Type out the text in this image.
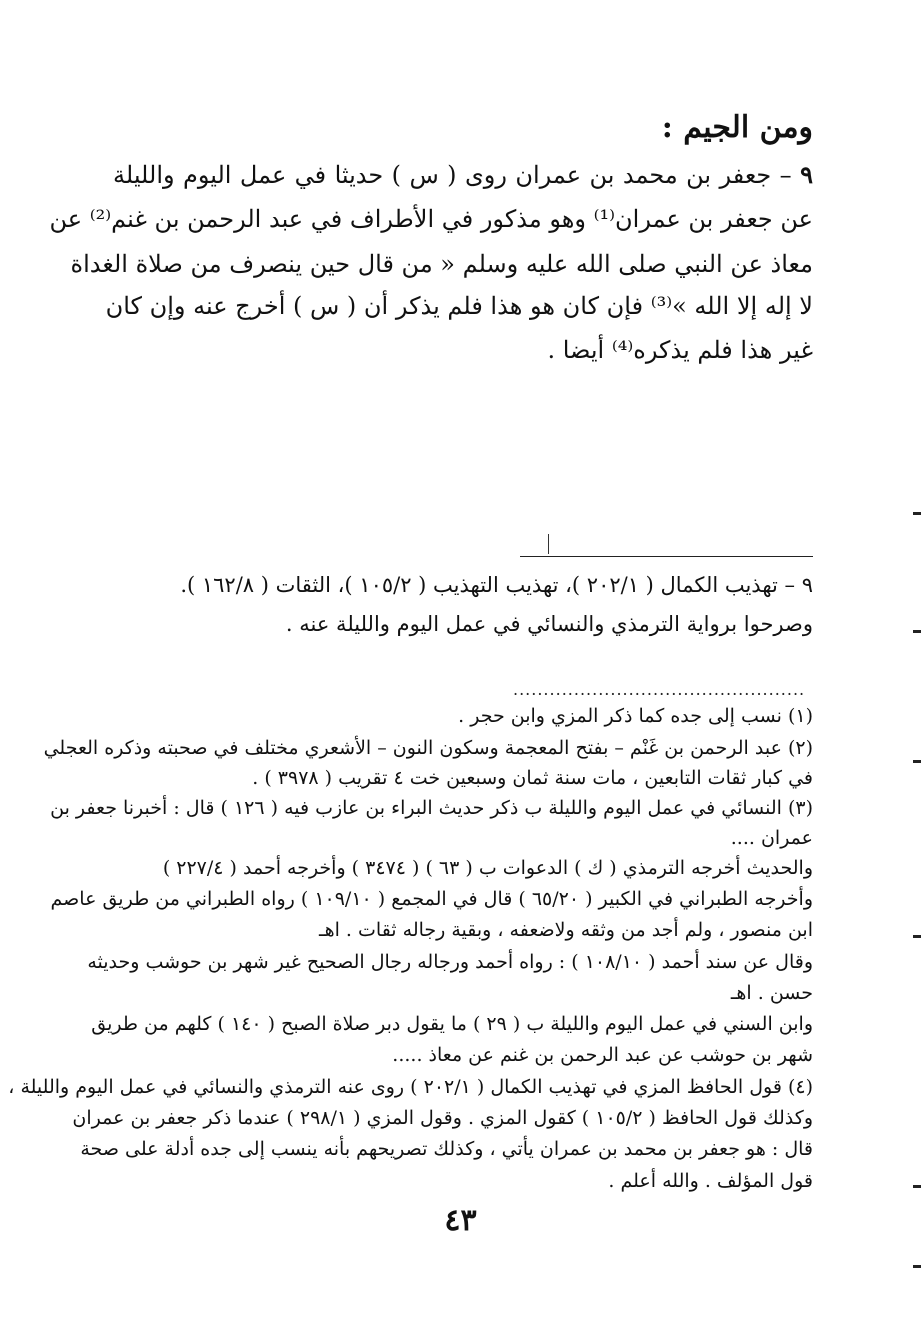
ومن الجيم :
٩ – جعفر بن محمد بن عمران روى ( س ) حديثا في عمل اليوم والليلة
عن جعفر بن عمران⁽¹⁾ وهو مذكور في الأطراف في عبد الرحمن بن غنم⁽²⁾ عن
معاذ عن النبي صلى الله عليه وسلم « من قال حين ينصرف من صلاة الغداة
لا إله إلا الله »⁽³⁾ فإن كان هو هذا فلم يذكر أن ( س ) أخرج عنه وإن كان
غير هذا فلم يذكره⁽⁴⁾ أيضا .
٩ – تهذيب الكمال ( ٢٠٢/١ )، تهذيب التهذيب ( ١٠٥/٢ )، الثقات ( ١٦٢/٨ ).
وصرحوا برواية الترمذي والنسائي في عمل اليوم والليلة عنه .
................................................
(١) نسب إلى جده كما ذكر المزي وابن حجر .
(٢) عبد الرحمن بن غَنْم – بفتح المعجمة وسكون النون – الأشعري مختلف في صحبته وذكره العجلي
في كبار ثقات التابعين ، مات سنة ثمان وسبعين خت ٤ تقريب ( ٣٩٧٨ ) .
(٣) النسائي في عمل اليوم والليلة ب ذكر حديث البراء بن عازب فيه ( ١٢٦ ) قال : أخبرنا جعفر بن
عمران ....
والحديث أخرجه الترمذي ( ك ) الدعوات ب ( ٦٣ ) ( ٣٤٧٤ ) وأخرجه أحمد ( ٢٢٧/٤ )
وأخرجه الطبراني في الكبير ( ٦٥/٢٠ ) قال في المجمع ( ١٠٩/١٠ ) رواه الطبراني من طريق عاصم
ابن منصور ، ولم أجد من وثقه ولاضعفه ، وبقية رجاله ثقات . اهـ
وقال عن سند أحمد ( ١٠٨/١٠ ) : رواه أحمد ورجاله رجال الصحيح غير شهر بن حوشب وحديثه
حسن . اهـ
وابن السني في عمل اليوم والليلة ب ( ٢٩ ) ما يقول دبر صلاة الصبح ( ١٤٠ ) كلهم من طريق
شهر بن حوشب عن عبد الرحمن بن غنم عن معاذ .....
(٤) قول الحافظ المزي في تهذيب الكمال ( ٢٠٢/١ ) روى عنه الترمذي والنسائي في عمل اليوم والليلة ،
وكذلك قول الحافظ ( ١٠٥/٢ ) كقول المزي . وقول المزي ( ٢٩٨/١ ) عندما ذكر جعفر بن عمران
قال : هو جعفر بن محمد بن عمران يأتي ، وكذلك تصريحهم بأنه ينسب إلى جده أدلة على صحة
قول المؤلف . والله أعلم .
٤٣
